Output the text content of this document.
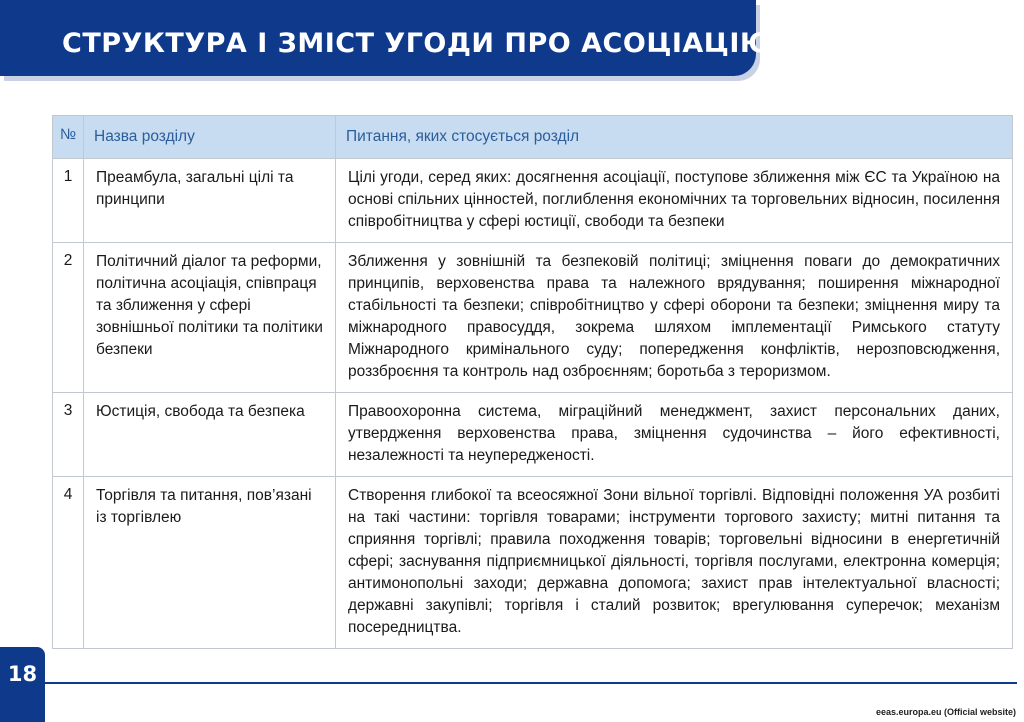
СТРУКТУРА І ЗМІСТ УГОДИ ПРО АСОЦІАЦІЮ
№	Назва розділу	Питання, яких стосується розділ
1	Преамбула, загальні цілі та принципи	Цілі угоди, серед яких: досягнення асоціації, поступове зближення між ЄС та Україною на основі спільних цінностей, поглиблення економічних та торговельних відносин, посилення співробітництва у сфері юстиції, свободи та безпеки
2	Політичний діалог та реформи, політична асоціація, співпраця та зближення у сфері зовнішньої політики та політики безпеки	Зближення у зовнішній та безпековій політиці; зміцнення поваги до демократичних принципів, верховенства права та належного врядування; поширення міжнародної стабільності та безпеки; співробітництво у сфері оборони та безпеки; зміцнення миру та міжнародного правосуддя, зокрема шляхом імплементації Римського статуту Міжнародного кримінального суду; попередження конфліктів, нерозповсюдження, роззброєння та контроль над озброєнням; боротьба з тероризмом.
3	Юстиція, свобода та безпека	Правоохоронна система, міграційний менеджмент, захист персональних даних, утвердження верховенства права, зміцнення судочинства – його ефективності, незалежності та неупередженості.
4	Торгівля та питання, пов’язані із торгівлею	Створення глибокої та всеосяжної Зони вільної торгівлі. Відповідні положення УА розбиті на такі частини: торгівля товарами; інструменти торгового захисту; митні питання та сприяння торгівлі; правила походження товарів; торговельні відносини в енергетичній сфері; заснування підприємницької діяльності, торгівля послугами, електронна комерція; антимонопольні заходи; державна допомога; захист прав інтелектуальної власності; державні закупівлі; торгівля і сталий розвиток; врегулювання суперечок; механізм посередництва.
18
eeas.europa.eu (Official website)
